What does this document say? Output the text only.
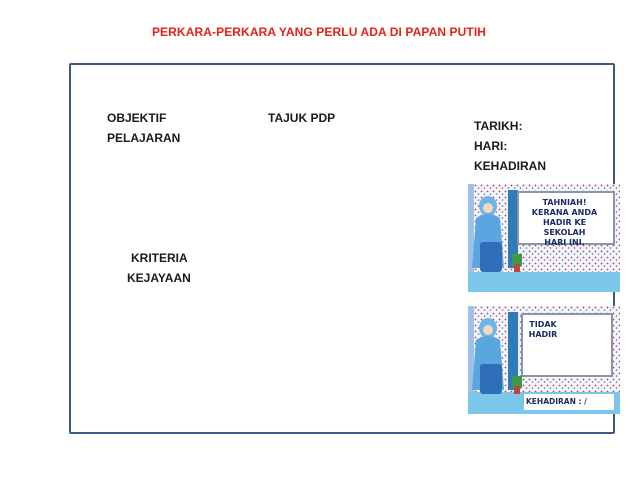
PERKARA-PERKARA YANG PERLU ADA DI PAPAN PUTIH
OBJEKTIF
PELAJARAN
TAJUK PDP
TARIKH:
HARI:
KEHADIRAN
KRITERIA
KEJAYAAN
TAHNIAH!
KERANA ANDA
HADIR KE SEKOLAH
HARI INI.
TIDAK HADIR
KEHADIRAN : /
